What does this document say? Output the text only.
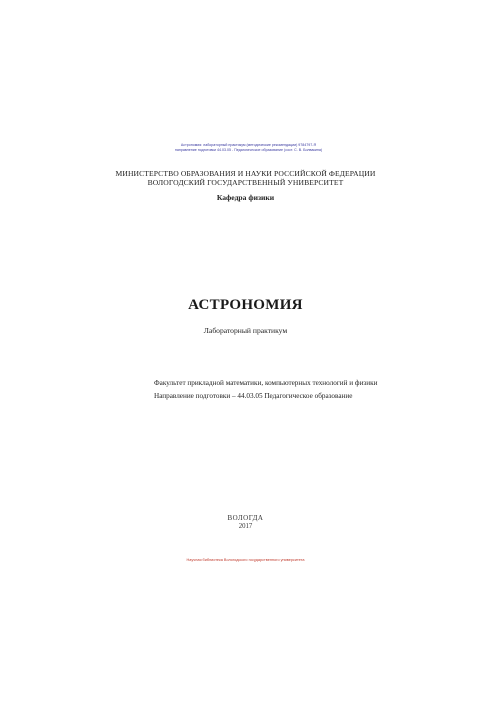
Астрономия: лабораторный практикум (методические рекомендации) 9784797-Я
направление подготовки 44.03.05 - Педагогическое образование (сост. С. В. Болвакина)
МИНИСТЕРСТВО ОБРАЗОВАНИЯ И НАУКИ РОССИЙСКОЙ ФЕДЕРАЦИИ
ВОЛОГОДСКИЙ ГОСУДАРСТВЕННЫЙ УНИВЕРСИТЕТ
Кафедра физики
АСТРОНОМИЯ
Лабораторный практикум
Факультет прикладной математики, компьютерных технологий и физики
Направление подготовки – 44.03.05 Педагогическое образование
ВОЛОГДА
2017
Научная библиотека Вологодского государственного университета
